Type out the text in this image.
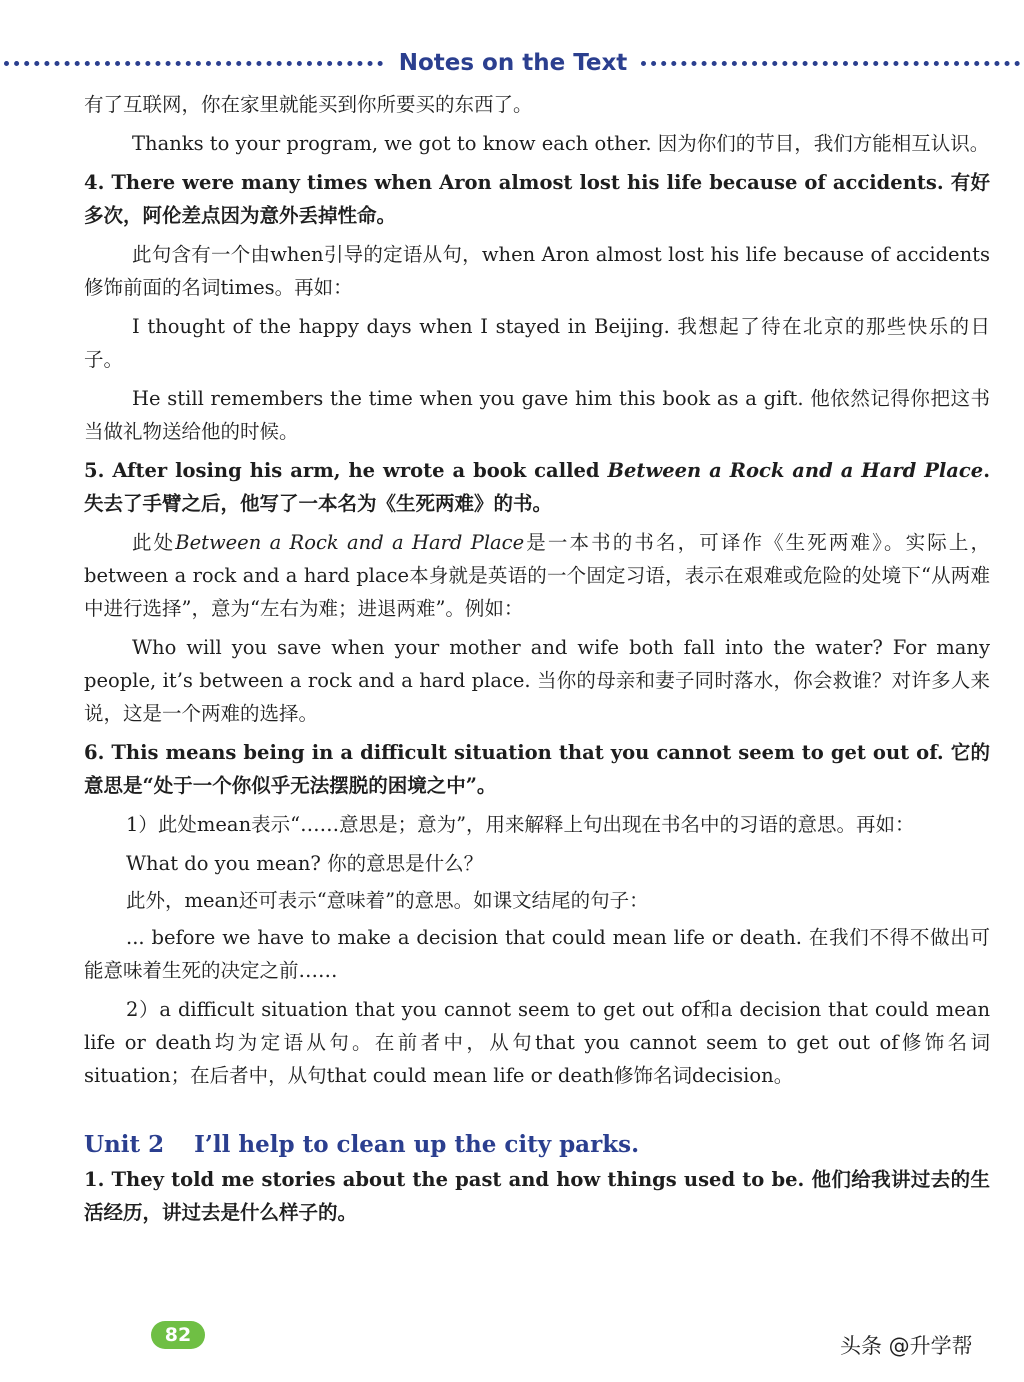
Notes on the Text

有了互联网，你在家里就能买到你所要买的东西了。

Thanks to your program, we got to know each other. 因为你们的节目，我们方能相互认识。

4. There were many times when Aron almost lost his life because of accidents. 有好多次，阿伦差点因为意外丢掉性命。

此句含有一个由when引导的定语从句，when Aron almost lost his life because of accidents修饰前面的名词times。再如：

I thought of the happy days when I stayed in Beijing. 我想起了待在北京的那些快乐的日子。

He still remembers the time when you gave him this book as a gift. 他依然记得你把这书当做礼物送给他的时候。

5. After losing his arm, he wrote a book called Between a Rock and a Hard Place. 失去了手臂之后，他写了一本名为《生死两难》的书。

此处Between a Rock and a Hard Place是一本书的书名，可译作《生死两难》。实际上，between a rock and a hard place本身就是英语的一个固定习语，表示在艰难或危险的处境下“从两难中进行选择”，意为“左右为难；进退两难”。例如：

Who will you save when your mother and wife both fall into the water? For many people, it’s between a rock and a hard place. 当你的母亲和妻子同时落水，你会救谁？对许多人来说，这是一个两难的选择。

6. This means being in a difficult situation that you cannot seem to get out of. 它的意思是“处于一个你似乎无法摆脱的困境之中”。

1）此处mean表示“……意思是；意为”，用来解释上句出现在书名中的习语的意思。再如：

What do you mean? 你的意思是什么？

此外，mean还可表示“意味着”的意思。如课文结尾的句子：

... before we have to make a decision that could mean life or death. 在我们不得不做出可能意味着生死的决定之前……

2）a difficult situation that you cannot seem to get out of和a decision that could mean life or death均为定语从句。在前者中，从句that you cannot seem to get out of修饰名词situation；在后者中，从句that could mean life or death修饰名词decision。

Unit 2 I’ll help to clean up the city parks.

1. They told me stories about the past and how things used to be. 他们给我讲过去的生活经历，讲过去是什么样子的。

82	头条 @升学帮
